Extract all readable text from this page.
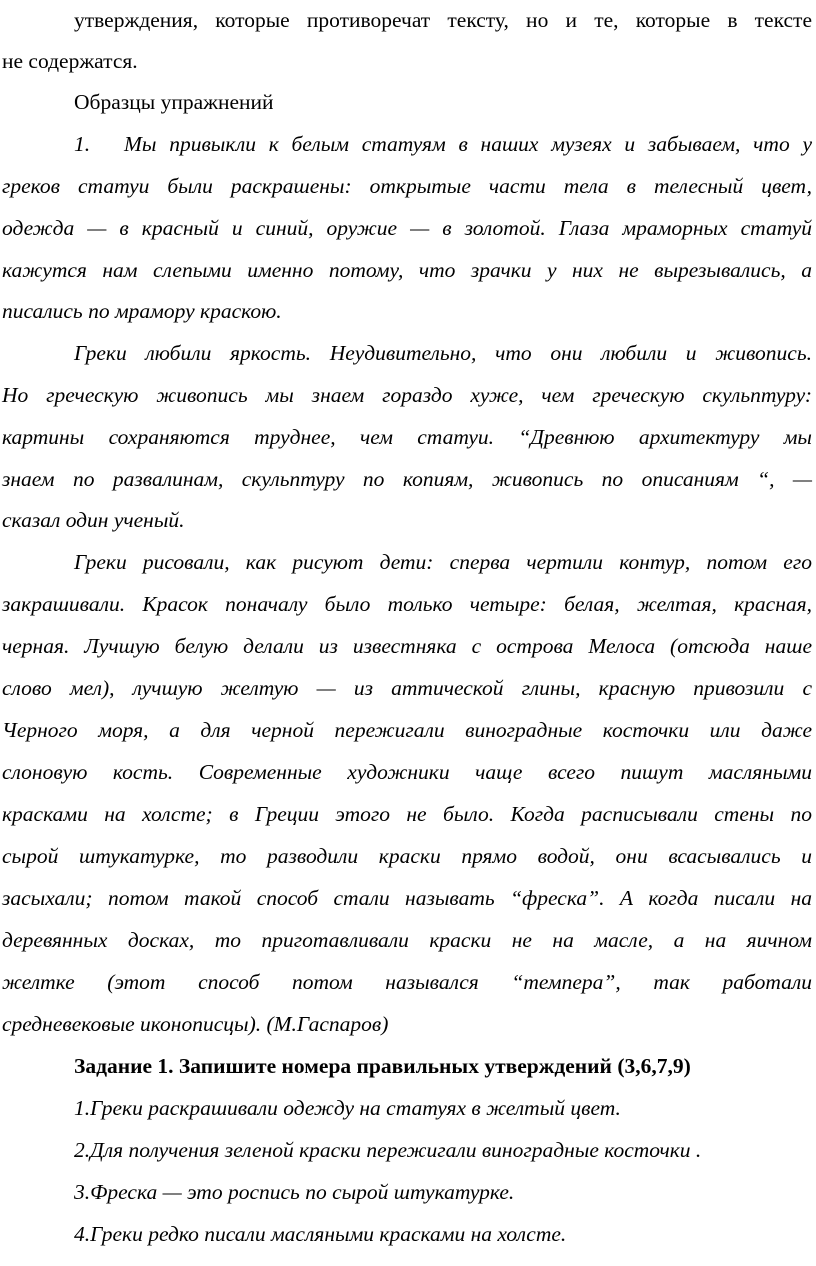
утверждения, которые противоречат тексту, но и те, которые в тексте
не содержатся.
Образцы упражнений
1.	Мы привыкли к белым статуям в наших музеях и забываем, что у
греков статуи были раскрашены: открытые части тела в телесный цвет,
одежда — в красный и синий, оружие — в золотой. Глаза мраморных статуй
кажутся нам слепыми именно потому, что зрачки у них не вырезывались, а
писались по мрамору краскою.
Греки любили яркость. Неудивительно, что они любили и живопись.
Но греческую живопись мы знаем гораздо хуже, чем греческую скульптуру:
картины сохраняются труднее, чем статуи. “Древнюю архитектуру мы
знаем по развалинам, скульптуру по копиям, живопись по описаниям “, —
сказал один ученый.
Греки рисовали, как рисуют дети: сперва чертили контур, потом его
закрашивали. Красок поначалу было только четыре: белая, желтая, красная,
черная. Лучшую белую делали из известняка с острова Мелоса (отсюда наше
слово мел), лучшую желтую — из аттической глины, красную привозили с
Черного моря, а для черной пережигали виноградные косточки или даже
слоновую кость. Современные художники чаще всего пишут масляными
красками на холсте; в Греции этого не было. Когда расписывали стены по
сырой штукатурке, то разводили краски прямо водой, они всасывались и
засыхали; потом такой способ стали называть “фреска”. А когда писали на
деревянных досках, то приготавливали краски не на масле, а на яичном
желтке (этот способ потом назывался “темпера”, так работали
средневековые иконописцы). (М.Гаспаров)
Задание 1. Запишите номера правильных утверждений (3,6,7,9)
1.Греки раскрашивали одежду на статуях в желтый цвет.
2.Для получения зеленой краски пережигали виноградные косточки .
3.Фреска — это роспись по сырой штукатурке.
4.Греки редко писали масляными красками на холсте.
